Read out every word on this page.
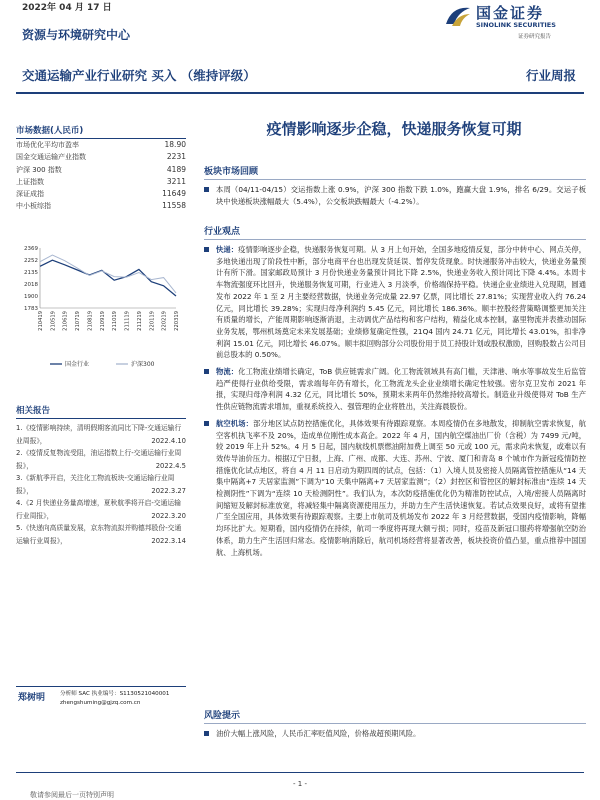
2022年 04 月 17 日
资源与环境研究中心
交通运输产业行业研究 买入 （维持评级）	行业周报
国金证券
SINOLINK SECURITIES
证券研究报告
市场数据(人民币)
市场优化平均市盈率	18.90
国金交通运输产业指数	2231
沪深 300 指数	4189
上证指数	3211
深证成指	11649
中小板综指	11558
2369
2252
2135
2018
1900
1783
210419 210519 210619 210719 210819 210919 211019 211119 211219 220119 220219 220319
国金行业	沪深300
相关报告
1.《疫情影响持续，清明假期客流同比下降-交通运输行业周报》，	2022.4.10
2.《疫情反复物流受阻，油运指数上行-交通运输行业周报》，	2022.4.5
3.《新航季开启，关注化工物流板块-交通运输行业周报》，	2022.3.27
4.《2 月快递业务量高增速，夏秋航季将开启-交通运输行业周报》，	2022.3.20
5.《快递向高质量发展，京东物流拟并购德邦股份-交通运输行业周报》，	2022.3.14
郑树明	分析师 SAC 执业编号：S1130521040001
zhengshuming@gjzq.com.cn
疫情影响逐步企稳，快递服务恢复可期
板块市场回顾

本周（04/11-04/15）交运指数上涨 0.9%，沪深 300 指数下跌 1.0%，跑赢大盘 1.9%，排名 6/29。交运子板块中快递板块涨幅最大（5.4%），公交板块跌幅最大（-4.2%）。

行业观点

快递：疫情影响逐步企稳，快递服务恢复可期。从 3 月上旬开始，全国多地疫情反复，部分中转中心、网点关停，多地快递出现了阶段性中断，部分电商平台也出现发货延误、暂停发货现象。时快递服务冲击较大，快递业务量预计有所下滑。国家邮政局预计 3 月份快递业务量预计同比下降 2.5%，快递业务收入预计同比下降 4.4%。本周卡车物流强度环比回升，快递服务恢复可期，行业进入 3 月淡季，价格端保持平稳。快递企业业绩进入兑现期，圆通发布 2022 年 1 至 2 月主要经营数据，快递业务完成量 22.97 亿票，同比增长 27.81%；实现营业收入约 76.24 亿元，同比增长 39.28%；实现归母净利润约 5.45 亿元，同比增长 186.36%。顺丰控股经营策略调整更加关注有质量的增长，产能周期影响逐渐消退，主动调优产品结构和客户结构，精益化成本控制，嘉里物流并表推动国际业务发展，鄂州机场奠定未来发展基础；业绩修复确定性强，21Q4 国内 24.71 亿元，同比增长 43.01%，扣非净利润 15.01 亿元，同比增长 46.07%。顺丰拟回购部分公司股份用于员工持股计划或股权激励，回购股数占公司目前总股本的 0.50%。

物流：化工物流业绩增长确定，ToB 供应链需求广阔。化工物流领域具有高门槛，天津港、响水等事故发生后监管趋严使得行业供给受限，需求端每年仍有增长，化工物流龙头企业业绩增长确定性较强。密尔克卫发布 2021 年报，实现归母净利润 4.32 亿元，同比增长 50%，预期未来两年仍然维持较高增长。制造业升级使得对 ToB 生产性供应链物流需求增加，重视系统投入、强管理的企业将胜出，关注海晨股份。

航空机场：部分地区试点防控措施优化，具体效果有待跟踪观察。本周疫情仍在多地散发，抑制航空需求恢复，航空客机执飞率不及 20%，造成单位刚性成本高企。2022 年 4 月，国内航空煤油出厂价（含税）为 7499 元/吨，较 2019 年上升 52%。4 月 5 日起，国内航线机票燃油附加费上调至 50 元或 100 元，需求尚未恢复，或难以有效传导油价压力。根据辽宁日报，上海、广州、成都、大连、苏州、宁波、厦门和青岛 8 个城市作为新冠疫情防控措施优化试点地区，将自 4 月 11 日启动为期四周的试点，包括：（1）入境人员及密接人员隔离管控措施从“14 天集中隔离+7 天居家监测”下调为“10 天集中隔离+7 天居家监测”；（2）封控区和管控区的解封标准由“连续 14 天检测阴性”下调为“连续 10 天检测阴性”。我们认为，本次防疫措施优化仍为精准防控试点，入境/密接人员隔离时间缩短及解封标准放宽，将减轻集中隔离资源使用压力，并助力生产生活快速恢复。若试点效果良好，或将有望推广至全国应用，具体效果有待跟踪观察。主要上市航司及机场发布 2022 年 3 月经营数据，受国内疫情影响，降幅均环比扩大。短期看，国内疫情仍在持续，航司一季度将再现大额亏损；同时，疫苗及新冠口服药将增强航空防治体系，助力生产生活回归常态。疫情影响消除后，航司机场经营将显著改善，板块投资价值凸显，重点推荐中国国航、上海机场。

风险提示

油价大幅上涨风险，人民币汇率贬值风险，价格战超预期风险。

- 1 -
敬请参阅最后一页特别声明
